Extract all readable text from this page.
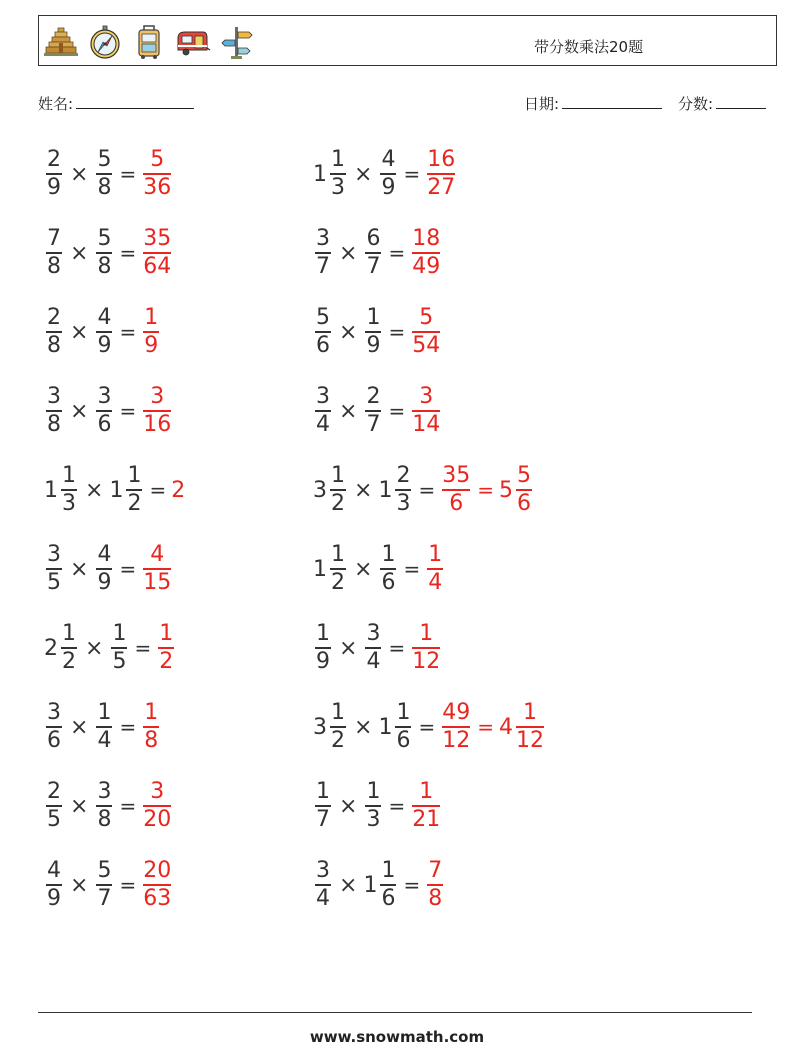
带分数乘法20题
姓名:	日期:	分数:
$\frac{2}{9} \times \frac{5}{8} = \frac{5}{36}$	$1 \frac{1}{3} \times \frac{4}{9} = \frac{16}{27}$
$\frac{7}{8} \times \frac{5}{8} = \frac{35}{64}$	$\frac{3}{7} \times \frac{6}{7} = \frac{18}{49}$
$\frac{2}{8} \times \frac{4}{9} = \frac{1}{9}$	$\frac{5}{6} \times \frac{1}{9} = \frac{5}{54}$
$\frac{3}{8} \times \frac{3}{6} = \frac{3}{16}$	$\frac{3}{4} \times \frac{2}{7} = \frac{3}{14}$
$1 \frac{1}{3} \times 1 \frac{1}{2} = 2$	$3 \frac{1}{2} \times 1 \frac{2}{3} = \frac{35}{6} = 5 \frac{5}{6}$
$\frac{3}{5} \times \frac{4}{9} = \frac{4}{15}$	$1 \frac{1}{2} \times \frac{1}{6} = \frac{1}{4}$
$2 \frac{1}{2} \times \frac{1}{5} = \frac{1}{2}$	$\frac{1}{9} \times \frac{3}{4} = \frac{1}{12}$
$\frac{3}{6} \times \frac{1}{4} = \frac{1}{8}$	$3 \frac{1}{2} \times 1 \frac{1}{6} = \frac{49}{12} = 4 \frac{1}{12}$
$\frac{2}{5} \times \frac{3}{8} = \frac{3}{20}$	$\frac{1}{7} \times \frac{1}{3} = \frac{1}{21}$
$\frac{4}{9} \times \frac{5}{7} = \frac{20}{63}$	$\frac{3}{4} \times 1 \frac{1}{6} = \frac{7}{8}$
www.snowmath.com
